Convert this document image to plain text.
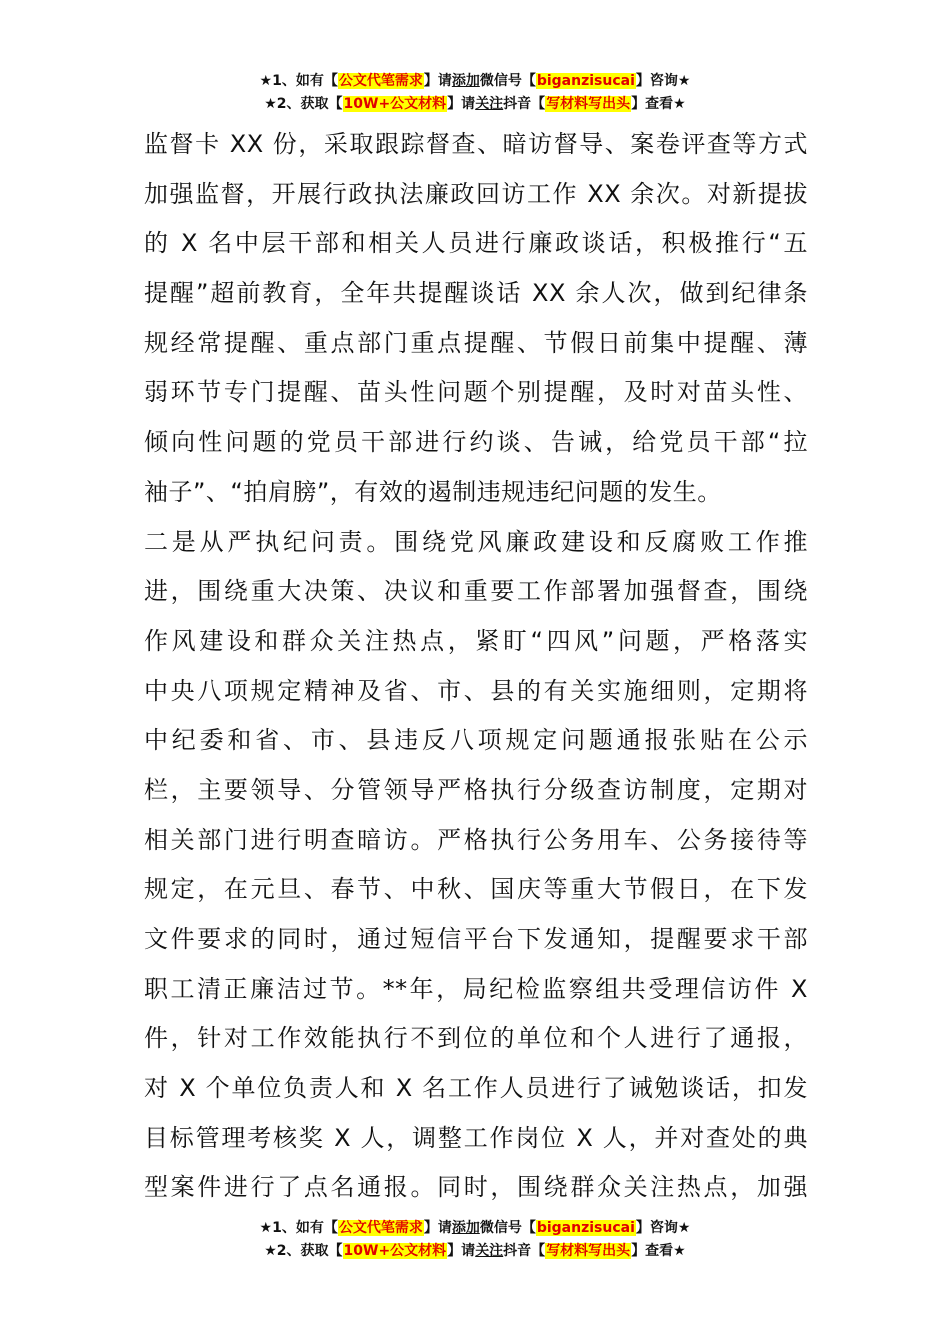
★1、如有【公文代笔需求】请添加微信号【biganzisucai】咨询★
★2、获取【10W+公文材料】请关注抖音【写材料写出头】查看★
监督卡 XX 份，采取跟踪督查、暗访督导、案卷评查等方式
加强监督，开展行政执法廉政回访工作 XX 余次。对新提拔
的 X 名中层干部和相关人员进行廉政谈话，积极推行“五
提醒”超前教育，全年共提醒谈话 XX 余人次，做到纪律条
规经常提醒、重点部门重点提醒、节假日前集中提醒、薄
弱环节专门提醒、苗头性问题个别提醒，及时对苗头性、
倾向性问题的党员干部进行约谈、告诫，给党员干部“拉
袖子”、“拍肩膀”，有效的遏制违规违纪问题的发生。
二是从严执纪问责。围绕党风廉政建设和反腐败工作推
进，围绕重大决策、决议和重要工作部署加强督查，围绕
作风建设和群众关注热点，紧盯“四风”问题，严格落实
中央八项规定精神及省、市、县的有关实施细则，定期将
中纪委和省、市、县违反八项规定问题通报张贴在公示
栏，主要领导、分管领导严格执行分级查访制度，定期对
相关部门进行明查暗访。严格执行公务用车、公务接待等
规定，在元旦、春节、中秋、国庆等重大节假日，在下发
文件要求的同时，通过短信平台下发通知，提醒要求干部
职工清正廉洁过节。**年，局纪检监察组共受理信访件 X
件，针对工作效能执行不到位的单位和个人进行了通报，
对 X 个单位负责人和 X 名工作人员进行了诫勉谈话，扣发
目标管理考核奖 X 人，调整工作岗位 X 人，并对查处的典
型案件进行了点名通报。同时，围绕群众关注热点，加强
★1、如有【公文代笔需求】请添加微信号【biganzisucai】咨询★
★2、获取【10W+公文材料】请关注抖音【写材料写出头】查看★
